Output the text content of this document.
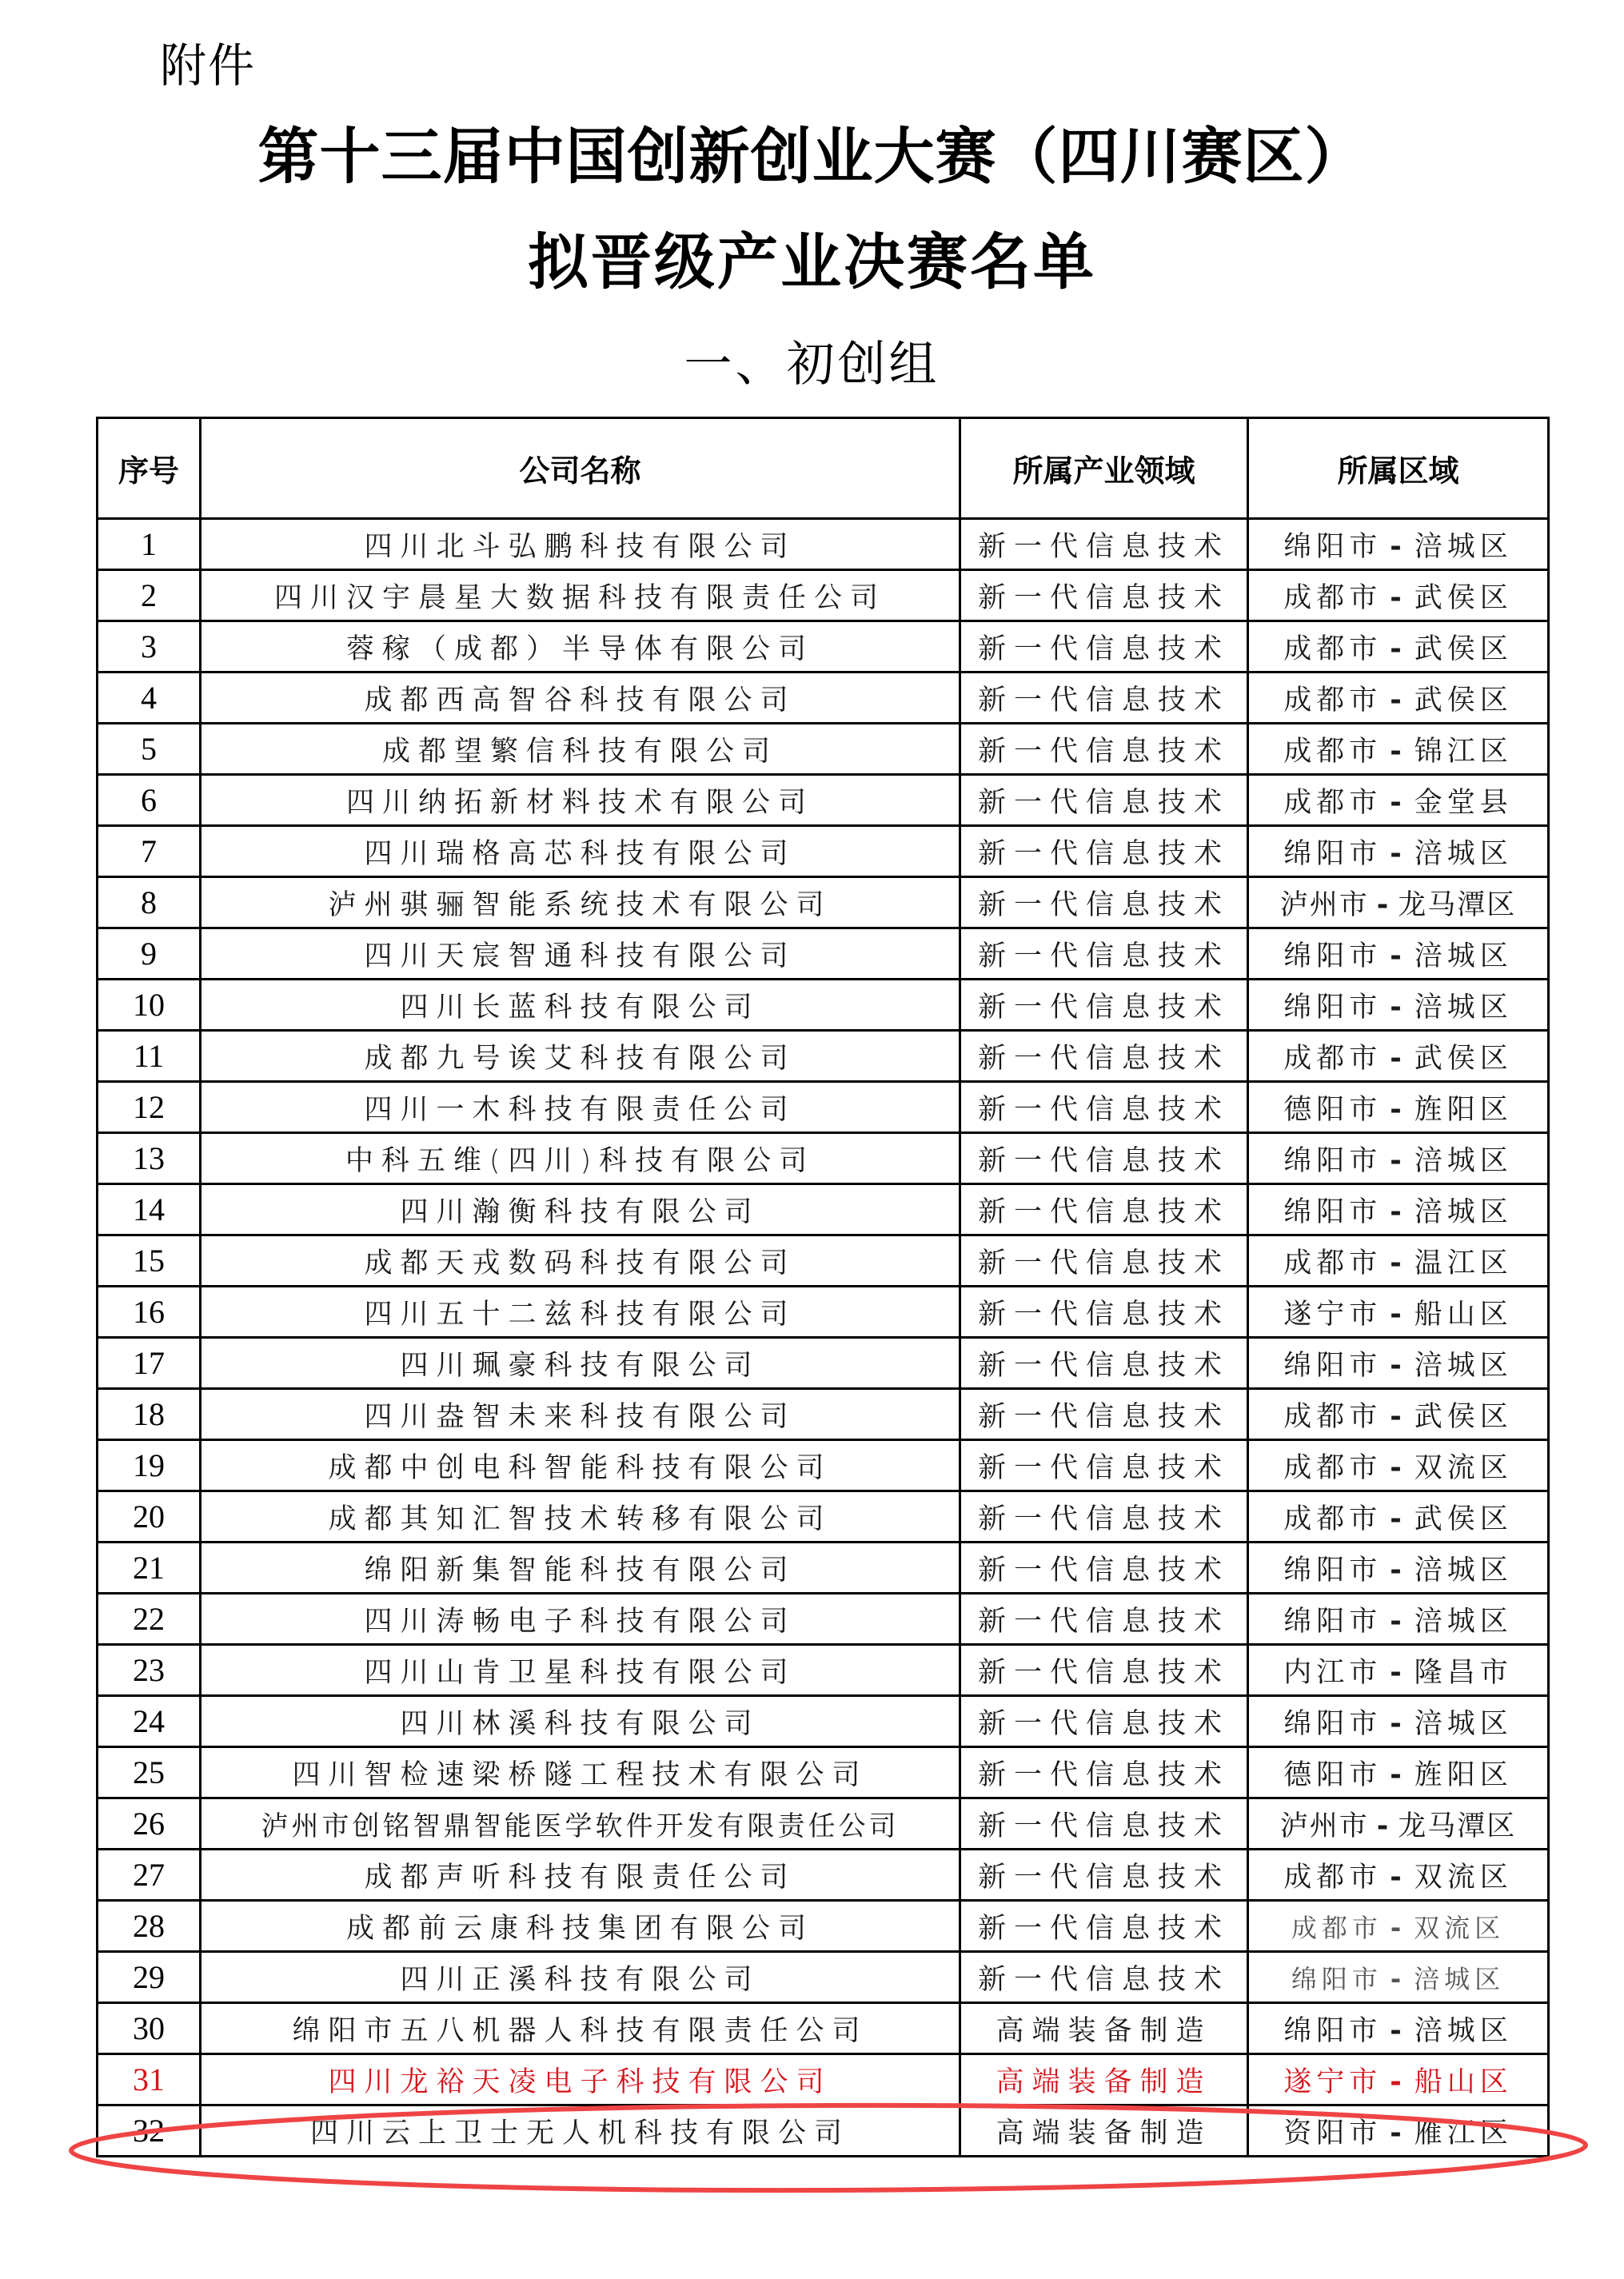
附件
第十三届中国创新创业大赛（四川赛区）
拟晋级产业决赛名单
一、初创组
序号	公司名称	所属产业领域	所属区域
1	四川北斗弘鹏科技有限公司	新一代信息技术	绵阳市 - 涪城区
2	四川汉宇晨星大数据科技有限责任公司	新一代信息技术	成都市 - 武侯区
3	蓉稼（成都）半导体有限公司	新一代信息技术	成都市 - 武侯区
4	成都西高智谷科技有限公司	新一代信息技术	成都市 - 武侯区
5	成都望繁信科技有限公司	新一代信息技术	成都市 - 锦江区
6	四川纳拓新材料技术有限公司	新一代信息技术	成都市 - 金堂县
7	四川瑞格高芯科技有限公司	新一代信息技术	绵阳市 - 涪城区
8	泸州骐骊智能系统技术有限公司	新一代信息技术	泸州市 - 龙马潭区
9	四川天宸智通科技有限公司	新一代信息技术	绵阳市 - 涪城区
10	四川长蓝科技有限公司	新一代信息技术	绵阳市 - 涪城区
11	成都九号诶艾科技有限公司	新一代信息技术	成都市 - 武侯区
12	四川一木科技有限责任公司	新一代信息技术	德阳市 - 旌阳区
13	中科五维(四川)科技有限公司	新一代信息技术	绵阳市 - 涪城区
14	四川瀚衡科技有限公司	新一代信息技术	绵阳市 - 涪城区
15	成都天戎数码科技有限公司	新一代信息技术	成都市 - 温江区
16	四川五十二兹科技有限公司	新一代信息技术	遂宁市 - 船山区
17	四川珮豪科技有限公司	新一代信息技术	绵阳市 - 涪城区
18	四川盎智未来科技有限公司	新一代信息技术	成都市 - 武侯区
19	成都中创电科智能科技有限公司	新一代信息技术	成都市 - 双流区
20	成都其知汇智技术转移有限公司	新一代信息技术	成都市 - 武侯区
21	绵阳新集智能科技有限公司	新一代信息技术	绵阳市 - 涪城区
22	四川涛畅电子科技有限公司	新一代信息技术	绵阳市 - 涪城区
23	四川山肯卫星科技有限公司	新一代信息技术	内江市 - 隆昌市
24	四川林溪科技有限公司	新一代信息技术	绵阳市 - 涪城区
25	四川智检速梁桥隧工程技术有限公司	新一代信息技术	德阳市 - 旌阳区
26	泸州市创铭智鼎智能医学软件开发有限责任公司	新一代信息技术	泸州市 - 龙马潭区
27	成都声听科技有限责任公司	新一代信息技术	成都市 - 双流区
28	成都前云康科技集团有限公司	新一代信息技术	成都市 - 双流区
29	四川正溪科技有限公司	新一代信息技术	绵阳市 - 涪城区
30	绵阳市五八机器人科技有限责任公司	高端装备制造	绵阳市 - 涪城区
31	四川龙裕天凌电子科技有限公司	高端装备制造	遂宁市 - 船山区
32	四川云上卫士无人机科技有限公司	高端装备制造	资阳市 - 雁江区
